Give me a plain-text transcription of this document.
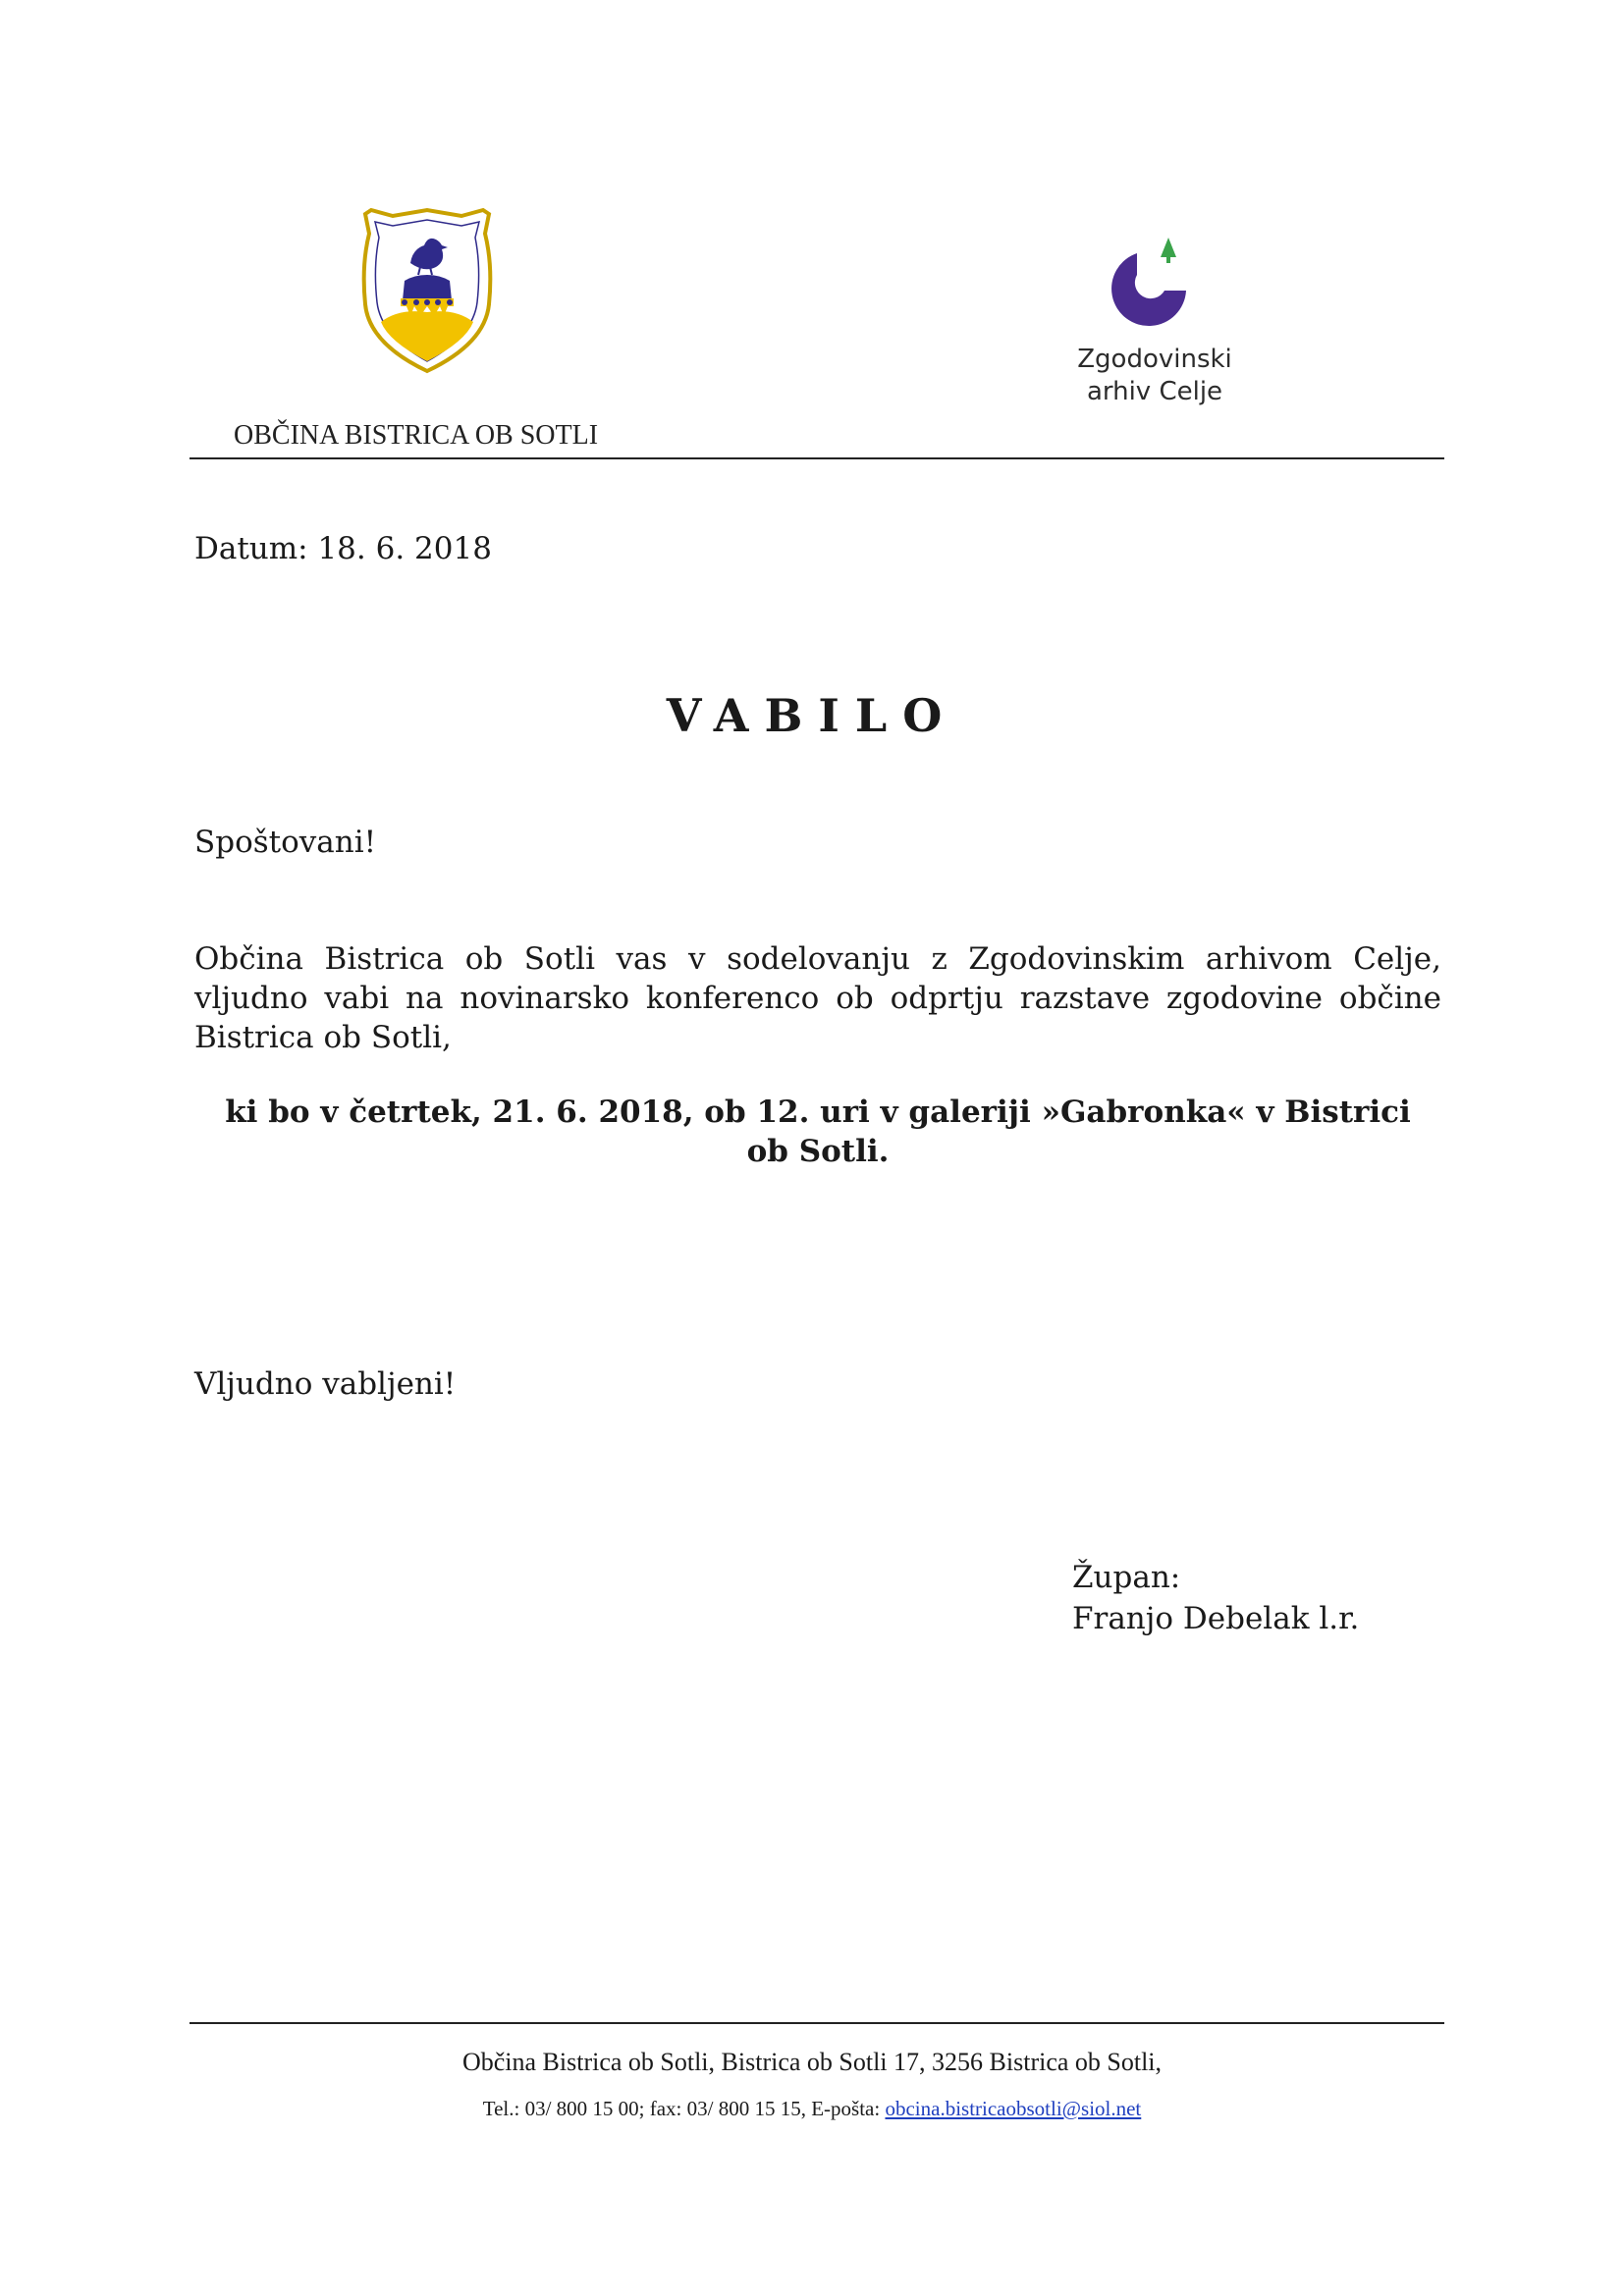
Zgodovinski
arhiv Celje
OBČINA BISTRICA OB SOTLI
Datum: 18. 6. 2018
VABILO
Spoštovani!
Občina Bistrica ob Sotli vas v sodelovanju z Zgodovinskim arhivom Celje,
vljudno vabi na novinarsko konferenco ob odprtju razstave zgodovine občine
Bistrica ob Sotli,
ki bo v četrtek, 21. 6. 2018, ob 12. uri v galeriji »Gabronka« v Bistrici
ob Sotli.
Vljudno vabljeni!
Župan:
Franjo Debelak l.r.
Občina Bistrica ob Sotli, Bistrica ob Sotli 17, 3256 Bistrica ob Sotli,
Tel.: 03/ 800 15 00; fax: 03/ 800 15 15, E-pošta: obcina.bistricaobsotli@siol.net
